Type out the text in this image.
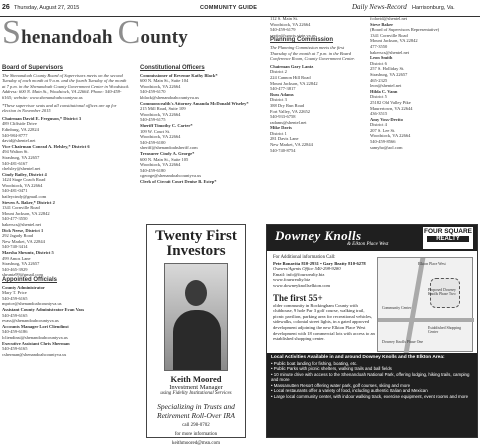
26 Thursday, August 27, 2015	COMMUNITY GUIDE	Daily News-Record Harrisonburg, Va.
Shenandoah County
Board of Supervisors
The Shenandoah County Board of Supervisors meets on the second Tuesday of each month at 9 a.m. and the fourth Tuesday of the month at 7 p.m. in the Shenandoah County Government Center in Woodstock. Address: 600 N. Main St., Woodstock, VA 22664. Phone: 540-459-6165; website: www.shenandoahcountyva.us
*These supervisor seats and all constitutional offices are up for election in November 2015
Chairman David E. Ferguson,* District 3
489 Cliffside Drive
Edinburg, VA 22824
540-984-8777
david@shentel.net
Vice Chairman Conrad A. Helsley,* District 6
494 Walton St.
Strasburg, VA 22657
540-481-6167
chelsley@shentel.net
Cindy Bailey, District 4
1424 Stage Coach Road
Woodstock, VA 22664
540-481-0471
baileycindy@gmail.com
Steven A. Baker,* District 2
1341 Cornville Road
Mount Jackson, VA 22842
540-477-3550
bakerscs@shentel.net
Dick Neese, District 1
292 Jagady Road
New Market, VA 22844
540-740-3414
Marsha Shruntz, District 5
499 Amos Lane
Strasburg, VA 22657
540-465-3929
shruntz99@gmail.com
Appointed Officials
County Administrator
Mary T. Price
540-459-6165
mprice@shenandoahcountyva.us
Assistant County Administrator Evan Vass
540-459-6165
evass@shenandoahcountyva.us
Accounts Manager Lori Cliendinst
540-459-6186
lcliendinst@shenandoahcountyva.us
Executive Assistant Chris Sherman
540-459-6165
csherman@shenandoahcountyva.us
Constitutional Officers
Commissioner of Revenue Kathy Black*
600 N. Main St., Suite 104
Woodstock, VA 22664
540-459-6170
kblack@shenandoahcountyva.us
Commonwealth's Attorney Amanda McDonald Wiseley*
215 Mill Road, Suite 109
Woodstock, VA 22664
540-459-6175
Sheriff Timothy C. Carter*
109 W. Court St.
Woodstock, VA 22664
540-459-6100
sheriff@shenandoahsheriff.com
Treasurer Cindy A. George*
600 N. Main St., Suite 105
Woodstock, VA 22664
540-459-6180
cgeorge@shenandoahcountyva.us
Clerk of Circuit Court Denise B. Estep*
112 S. Main St.
Woodstock, VA 22664
540-459-6179
sevtin@courts.state.va.us
Planning Commission
The Planning Commission meets the first Thursday of the month at 7 p.m. in the Board Conference Room, County Government Center.
Chairman Gary Lantz
District 2
224 Cannon Hill Road
Mount Jackson, VA 22842
540-477-3817
Russ Adams
District 3
388 Dry Run Road
Fort Valley, VA 22652
540-933-6758
radams@shentel.net
Mike Davis
District 1
281 Davis Lane
New Market, VA 22844
540-740-8754
fcdavid@shentel.net
Steve Baker
(Board of Supervisors Representative)
1341 Cornville Road
Mount Jackson, VA 22842
477-3550
bakerscs@shentel.net
Leon Smith
District 6
257 S. Holliday St.
Strasburg, VA 22657
465-2325
leon@shentel.net
Hilda C. Vann
District 5
25182 Old Valley Pike
Maurertown, VA 22644
436-3515
Amy Voss-Devito
District 4
207 S. Lee St.
Woodstock, VA 22664
540-459-8566
samyho@aol.com
Twenty First Investors
Keith Moored
Investment Manager
using Fidelity Institutional Services
Specializing in Trusts and Retirement Roll-Over IRA
call 298-0702
for more information
keithmoored@msn.com
Downey Knolls
& Elkton Place West
FOUR SQUARE
REALTY
For Additional information Call:
Pete Bonavita 810-2931 • Gary Beatty 810-6278
Owners/Agents Office 540-298-9280
Email: info@foursrealty.biz
www.foursrealty.biz
www.downeyknollselkton.com
The first 55+
older community in Rockingham County with clubhouse, 9 hole Par 3 golf course, walking trail, picnic pavilion, parking area for recreational vehicles, sidewalks, colonial street lights, in a gated approved development adjoining the new Elkton Place West development with 18 commercial lots with access to an established shopping center.
Elkton Place West
Proposed Downey Knolls Phase Two
Community Center
Established Shopping Center
Downey Knolls Phase One
Local Activities Available in and around Downey Knolls and the Elkton Area:
• Public boat landing for fishing, boating, etc.
• Public Parks with picnic shelters, walking trails and ball fields
• 10 minute drive with access to the Shenandoah National Park, offering lodging, hiking trails, camping and more
• Massanutten Resort offering water park, golf courses, skiing and more
• Local restaurants offer a variety of food, including authentic Italian and Mexican
• Large local community center, with indoor walking track, exercise equipment, event rooms and more
